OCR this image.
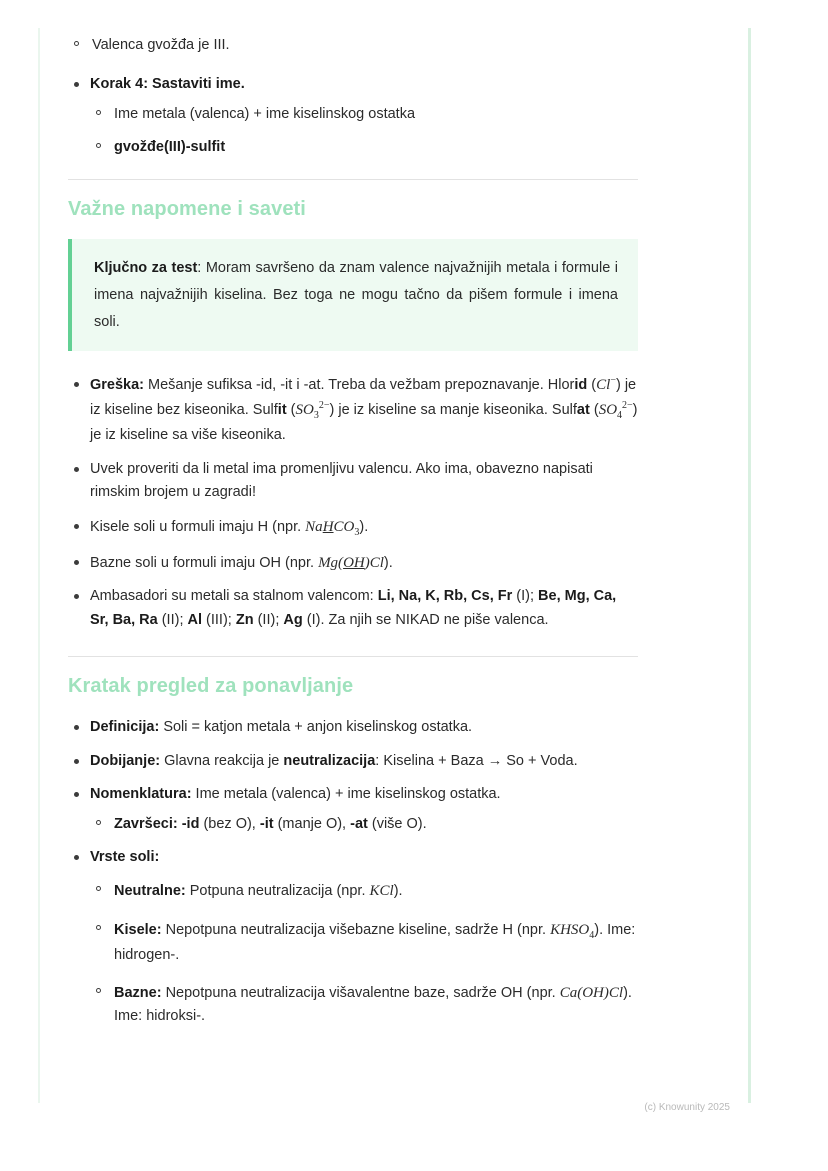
Valenca gvožđa je III.
Korak 4: Sastaviti ime.
Ime metala (valenca) + ime kiselinskog ostatka
gvožđe(III)-sulfit
Važne napomene i saveti
Ključno za test: Moram savršeno da znam valence najvažnijih metala i formule i imena najvažnijih kiselina. Bez toga ne mogu tačno da pišem formule i imena soli.
Greška: Mešanje sufiksa -id, -it i -at. Treba da vežbam prepoznavanje. Hlorid (Cl−) je iz kiseline bez kiseonika. Sulfit $(SO_3^{2-})$ je iz kiseline sa manje kiseonika. Sulfat $(SO_4^{2-})$ je iz kiseline sa više kiseonika.
Uvek proveriti da li metal ima promenljivu valencu. Ako ima, obavezno napisati rimskim brojem u zagradi!
Kisele soli u formuli imaju H (npr. NaHCO$_3$).
Bazne soli u formuli imaju OH (npr. Mg(OH)Cl).
Ambasadori su metali sa stalnom valencom: Li, Na, K, Rb, Cs, Fr (I); Be, Mg, Ca, Sr, Ba, Ra (II); Al (III); Zn (II); Ag (I). Za njih se NIKAD ne piše valenca.
Kratak pregled za ponavljanje
Definicija: Soli = katjon metala + anjon kiselinskog ostatka.
Dobijanje: Glavna reakcija je neutralizacija: Kiselina + Baza → So + Voda.
Nomenklatura: Ime metala (valenca) + ime kiselinskog ostatka.
Završeci: -id (bez O), -it (manje O), -at (više O).
Vrste soli:
Neutralne: Potpuna neutralizacija (npr. KCl).
Kisele: Nepotpuna neutralizacija višebazne kiseline, sadrže H (npr. $KHSO_4$). Ime: hidrogen-.
Bazne: Nepotpuna neutralizacija višavalentne baze, sadrže OH (npr. Ca(OH)Cl). Ime: hidroksi-.
(c) Knowunity 2025
